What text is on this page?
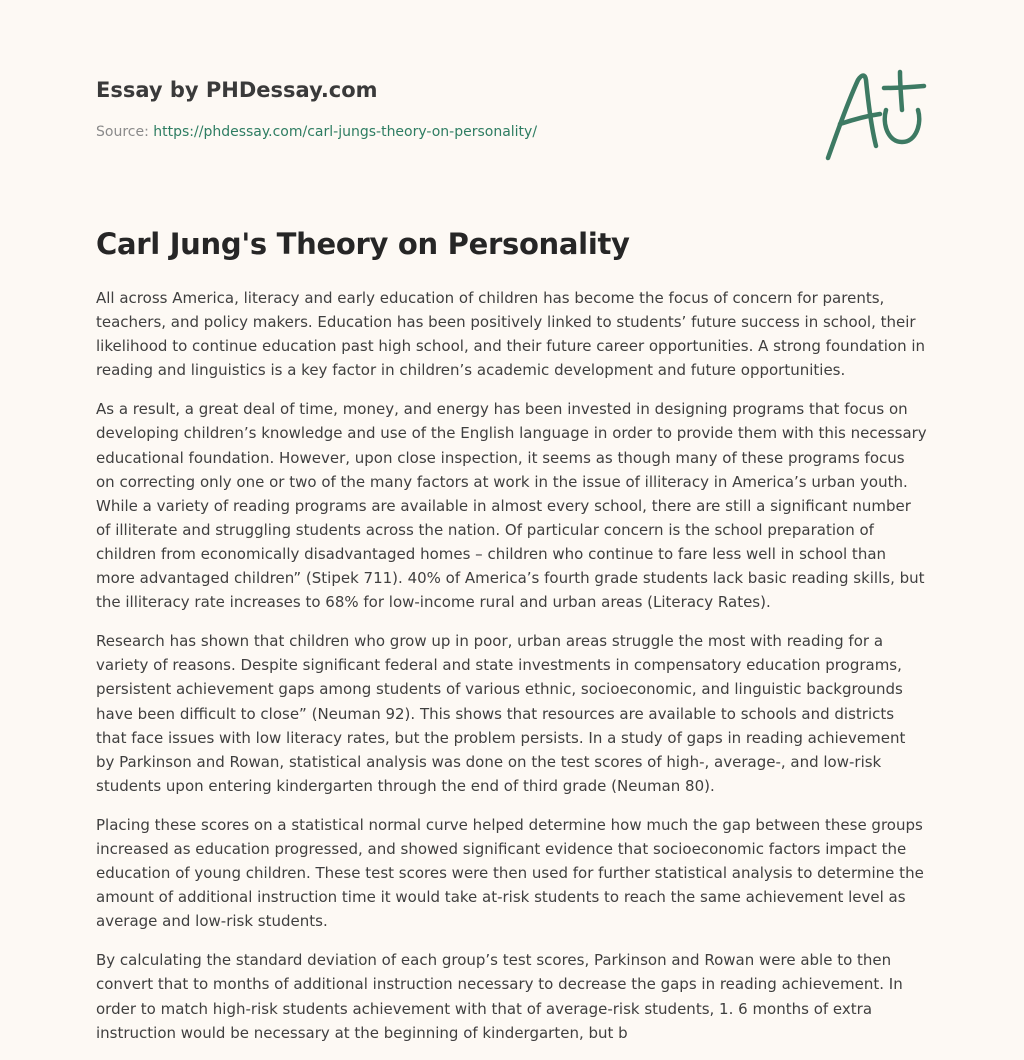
Essay by PHDessay.com
Source: https://phdessay.com/carl-jungs-theory-on-personality/
Carl Jung's Theory on Personality

All across America, literacy and early education of children has become the focus of concern for parents, teachers, and policy makers. Education has been positively linked to students’ future success in school, their likelihood to continue education past high school, and their future career opportunities. A strong foundation in reading and linguistics is a key factor in children’s academic development and future opportunities.

As a result, a great deal of time, money, and energy has been invested in designing programs that focus on developing children’s knowledge and use of the English language in order to provide them with this necessary educational foundation. However, upon close inspection, it seems as though many of these programs focus on correcting only one or two of the many factors at work in the issue of illiteracy in America’s urban youth. While a variety of reading programs are available in almost every school, there are still a significant number of illiterate and struggling students across the nation. Of particular concern is the school preparation of children from economically disadvantaged homes – children who continue to fare less well in school than more advantaged children” (Stipek 711). 40% of America’s fourth grade students lack basic reading skills, but the illiteracy rate increases to 68% for low-income rural and urban areas (Literacy Rates).

Research has shown that children who grow up in poor, urban areas struggle the most with reading for a variety of reasons. Despite significant federal and state investments in compensatory education programs, persistent achievement gaps among students of various ethnic, socioeconomic, and linguistic backgrounds have been difficult to close” (Neuman 92). This shows that resources are available to schools and districts that face issues with low literacy rates, but the problem persists. In a study of gaps in reading achievement by Parkinson and Rowan, statistical analysis was done on the test scores of high-, average-, and low-risk students upon entering kindergarten through the end of third grade (Neuman 80).

Placing these scores on a statistical normal curve helped determine how much the gap between these groups increased as education progressed, and showed significant evidence that socioeconomic factors impact the education of young children. These test scores were then used for further statistical analysis to determine the amount of additional instruction time it would take at-risk students to reach the same achievement level as average and low-risk students.

By calculating the standard deviation of each group’s test scores, Parkinson and Rowan were able to then convert that to months of additional instruction necessary to decrease the gaps in reading achievement. In order to match high-risk students achievement with that of average-risk students, 1. 6 months of extra instruction would be necessary at the beginning of kindergarten, but b
